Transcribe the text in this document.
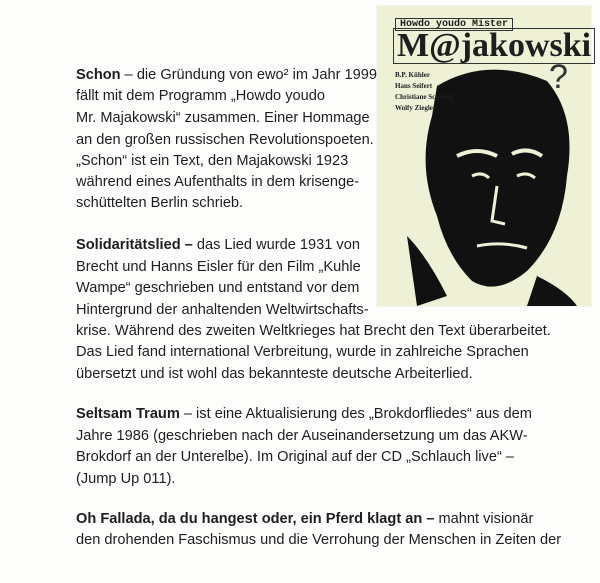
Howdo youdo Mister
M@jakowski
B.P. Kühler
Hans Seifert
Christiane Schmied
Wolfy Ziegler
?
Schon – die Gründung von ewo² im Jahr 1999
fällt mit dem Programm „Howdo youdo
Mr. Majakowski“ zusammen. Einer Hommage
an den großen russischen Revolutionspoeten.
„Schon“ ist ein Text, den Majakowski 1923
während eines Aufenthalts in dem krisenge-
schüttelten Berlin schrieb.
Solidaritätslied – das Lied wurde 1931 von
Brecht und Hanns Eisler für den Film „Kuhle
Wampe“ geschrieben und entstand vor dem
Hintergrund der anhaltenden Weltwirtschafts-
krise. Während des zweiten Weltkrieges hat Brecht den Text überarbeitet.
Das Lied fand international Verbreitung, wurde in zahlreiche Sprachen
übersetzt und ist wohl das bekannteste deutsche Arbeiterlied.
Seltsam Traum – ist eine Aktualisierung des „Brokdorfliedes“ aus dem
Jahre 1986 (geschrieben nach der Auseinandersetzung um das AKW-
Brokdorf an der Unterelbe). Im Original auf der CD „Schlauch live“ –
(Jump Up 011).
Oh Fallada, da du hangest oder, ein Pferd klagt an – mahnt visionär
den drohenden Faschismus und die Verrohung der Menschen in Zeiten der
